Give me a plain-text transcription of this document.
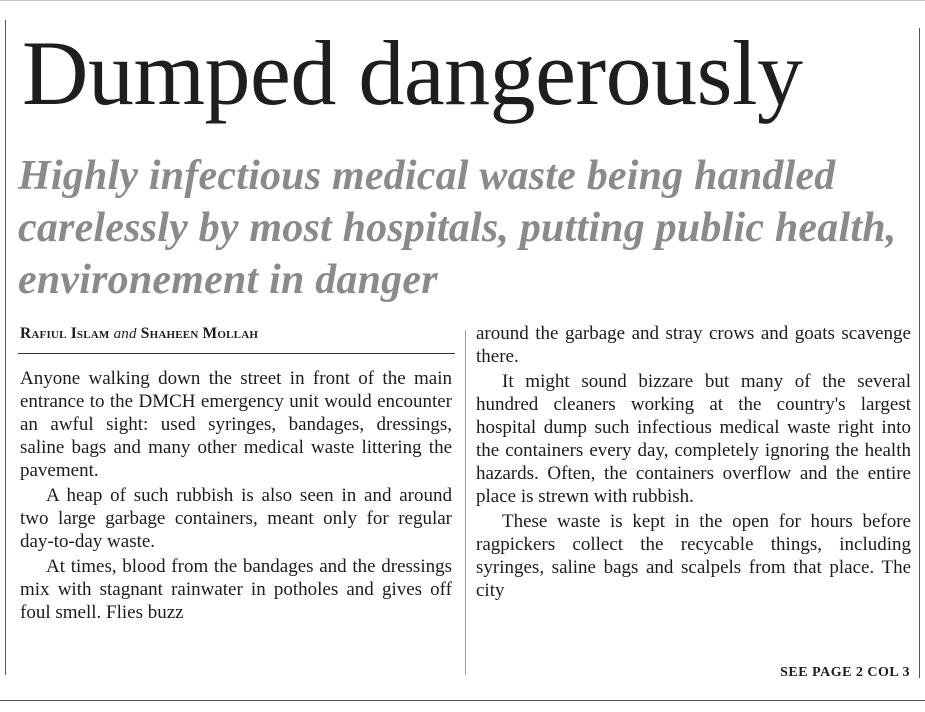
Dumped dangerously
Highly infectious medical waste being handled carelessly by most hospitals, putting public health, environement in danger
Rafiul Islam and Shaheen Mollah

Anyone walking down the street in front of the main entrance to the DMCH emergency unit would encounter an awful sight: used syringes, bandages, dressings, saline bags and many other medical waste littering the pavement.

A heap of such rubbish is also seen in and around two large garbage containers, meant only for regular day-to-day waste.

At times, blood from the bandages and the dressings mix with stagnant rainwater in potholes and gives off foul smell. Flies buzz

around the garbage and stray crows and goats scavenge there.

It might sound bizzare but many of the several hundred cleaners working at the country's largest hospital dump such infectious medical waste right into the containers every day, completely ignoring the health hazards. Often, the containers overflow and the entire place is strewn with rubbish.

These waste is kept in the open for hours before ragpickers collect the recycable things, including syringes, saline bags and scalpels from that place. The city

SEE PAGE 2 COL 3
